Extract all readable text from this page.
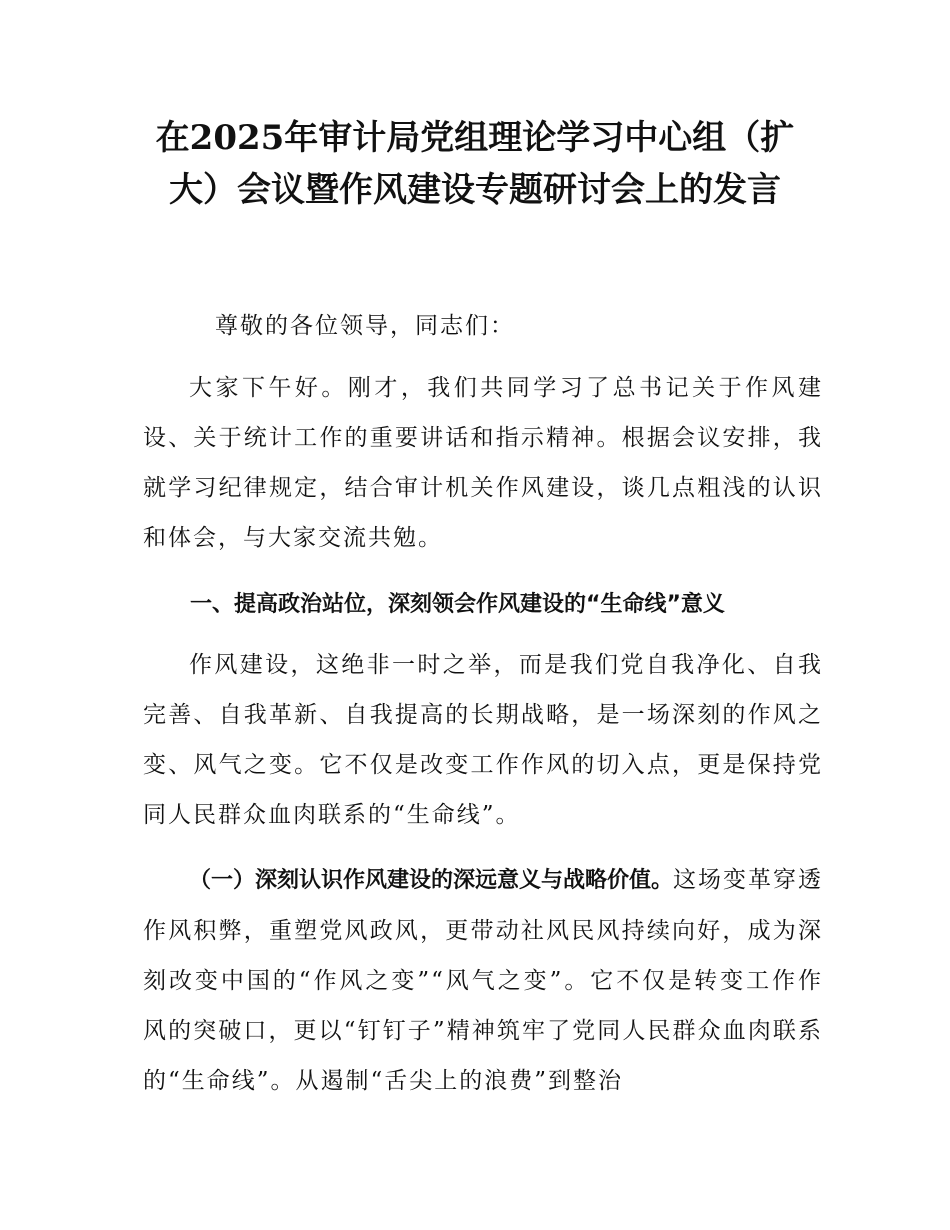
在2025年审计局党组理论学习中心组（扩
大）会议暨作风建设专题研讨会上的发言

尊敬的各位领导，同志们：

大家下午好。刚才，我们共同学习了总书记关于作风建设、关于统计工作的重要讲话和指示精神。根据会议安排，我就学习纪律规定，结合审计机关作风建设，谈几点粗浅的认识和体会，与大家交流共勉。

一、提高政治站位，深刻领会作风建设的“生命线”意义

作风建设，这绝非一时之举，而是我们党自我净化、自我完善、自我革新、自我提高的长期战略，是一场深刻的作风之变、风气之变。它不仅是改变工作作风的切入点，更是保持党同人民群众血肉联系的“生命线”。

（一）深刻认识作风建设的深远意义与战略价值。这场变革穿透作风积弊，重塑党风政风，更带动社风民风持续向好，成为深刻改变中国的“作风之变”“风气之变”。它不仅是转变工作作风的突破口，更以“钉钉子”精神筑牢了党同人民群众血肉联系的“生命线”。从遏制“舌尖上的浪费”到整治
